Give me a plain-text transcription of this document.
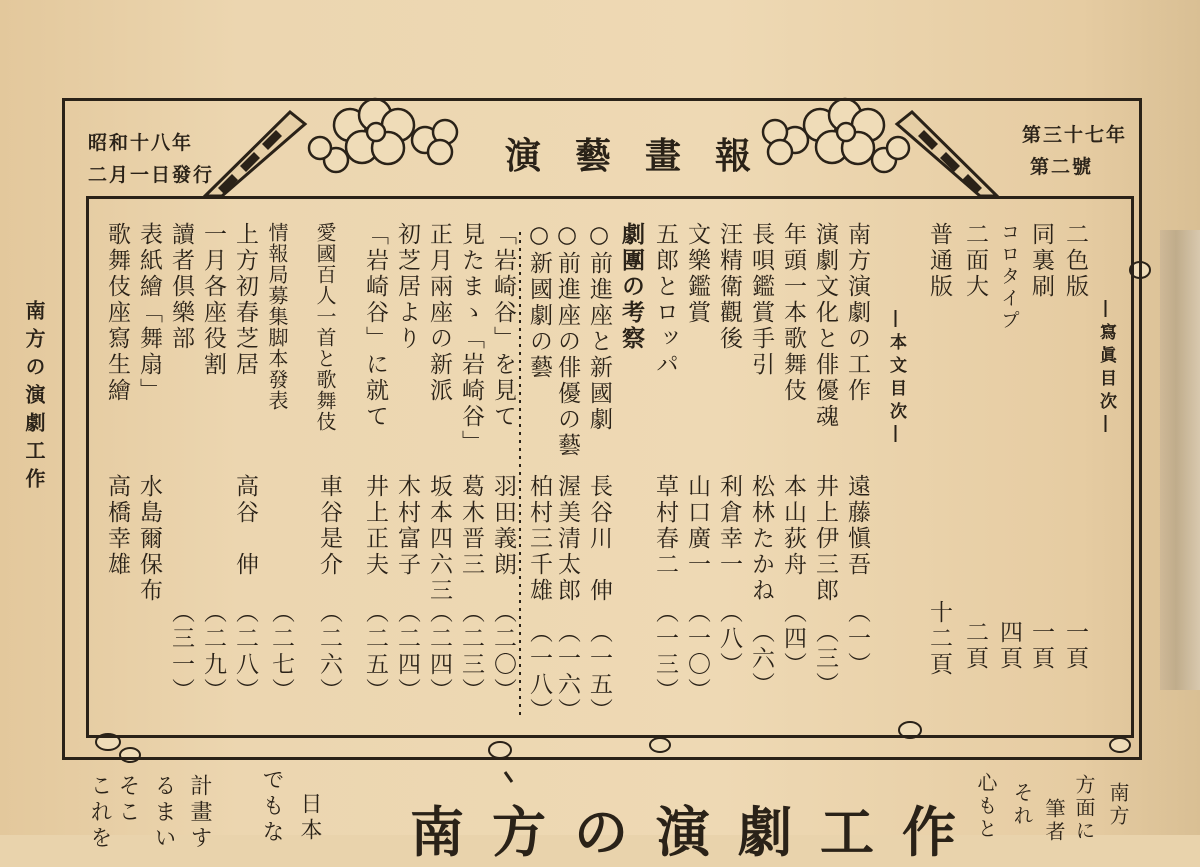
演藝畫報
昭和十八年
二月一日發行
第三十七年
第二號
南方の演劇工作	―寫眞目次―
二色版
一頁
同裏刷
一頁
コロタイプ
四頁
二面大
二頁
普通版
十二頁
―本文目次―
南方演劇の工作
遠藤愼吾
（一）
演劇文化と俳優魂
井上伊三郎
（三）
年頭一本歌舞伎
本山荻舟
（四）
長唄鑑賞手引
松林たかね
（六）
汪精衛觀後
利倉幸一
（八）
文樂鑑賞
山口廣一
（一〇）
五郎とロッパ
草村春二
（一三）
劇團の考察
○前進座と新國劇
長谷川　伸
（一五）
○前進座の俳優の藝
渥美清太郎
（一六）
○新國劇の藝
柏村三千雄
（一八）
「岩崎谷」を見て
羽田義朗
（二〇）
見たまゝ「岩崎谷」
葛木晋三
（二三）
正月兩座の新派
坂本四六三
（二四）
初芝居より
木村富子
（二四）
「岩崎谷」に就て
井上正夫
（二五）
愛國百人一首と歌舞伎
車谷是介
（二六）
情報局募集脚本發表
（二七）
上方初春芝居
高谷　伸
（二八）
一月各座役割
（二九）
讀者倶樂部
（三一）
表紙繪「舞扇」
水島爾保布
歌舞伎座寫生繪
高橋幸雄
南方の演劇工作
これを そこ るまい 計畫す でもな 日本	心もと それ 筆者 方面に 南方
